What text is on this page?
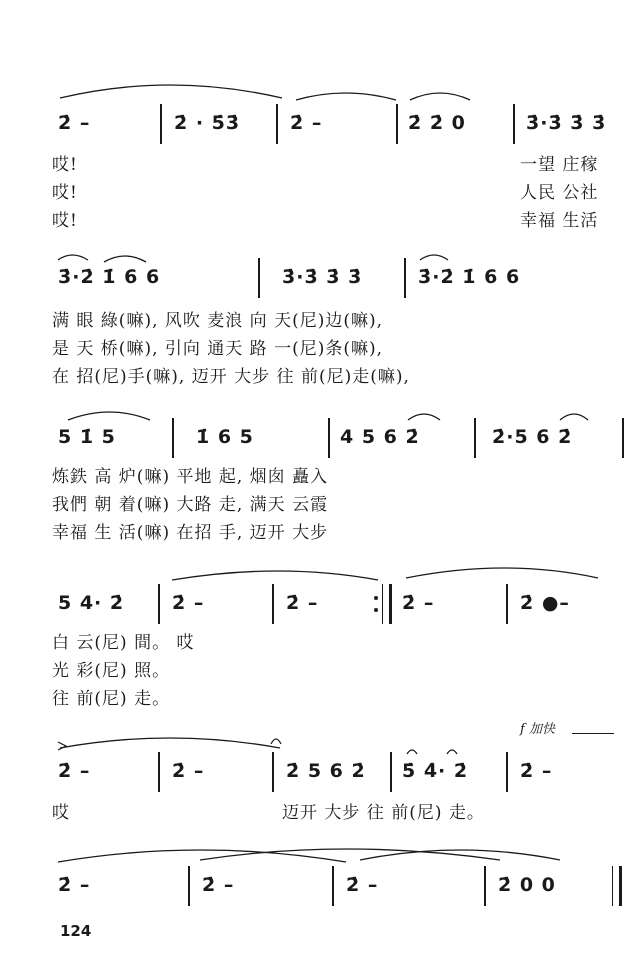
2̇ –	2̇ · 5̇3̇	2̇ –	2̇ 2̇ 0	3̇·3̇ 3̇ 3̇
哎!	一望 庄稼
哎!	人民 公社
哎!	幸福 生活
3̇·2̇ 1̇ 6 6	3̇·3̇ 3̇ 3̇	3̇·2̇ 1̇ 6 6
满 眼 綠(嘛), 风吹 麦浪 向 天(尼)边(嘛),
是 天 桥(嘛), 引向 通天 路 一(尼)条(嘛),
在 招(尼)手(嘛), 迈开 大步 往 前(尼)走(嘛),
5 1̇ 5	1̇ 6 5	4 5 6 2̇	2̇·5 6 2̇
炼鉄 高 炉(嘛) 平地 起, 烟囱 矗入
我們 朝 着(嘛) 大路 走, 满天 云霞
幸福 生 活(嘛) 在招 手, 迈开 大步
5 4· 2̇	2̇ –	2̇ –	2̇ –	2̇ ●–
白 云(尼) 間。 哎
光 彩(尼) 照。
往 前(尼) 走。
f 加快
2̇ –	2̇ –	2̇ 5 6 2̇ 5̇ 4̇· 2̇	2̇ –
哎	迈开 大步 往 前(尼) 走。
2̇ –	2̇ –	2̇ –	2̇ 0 0
124
